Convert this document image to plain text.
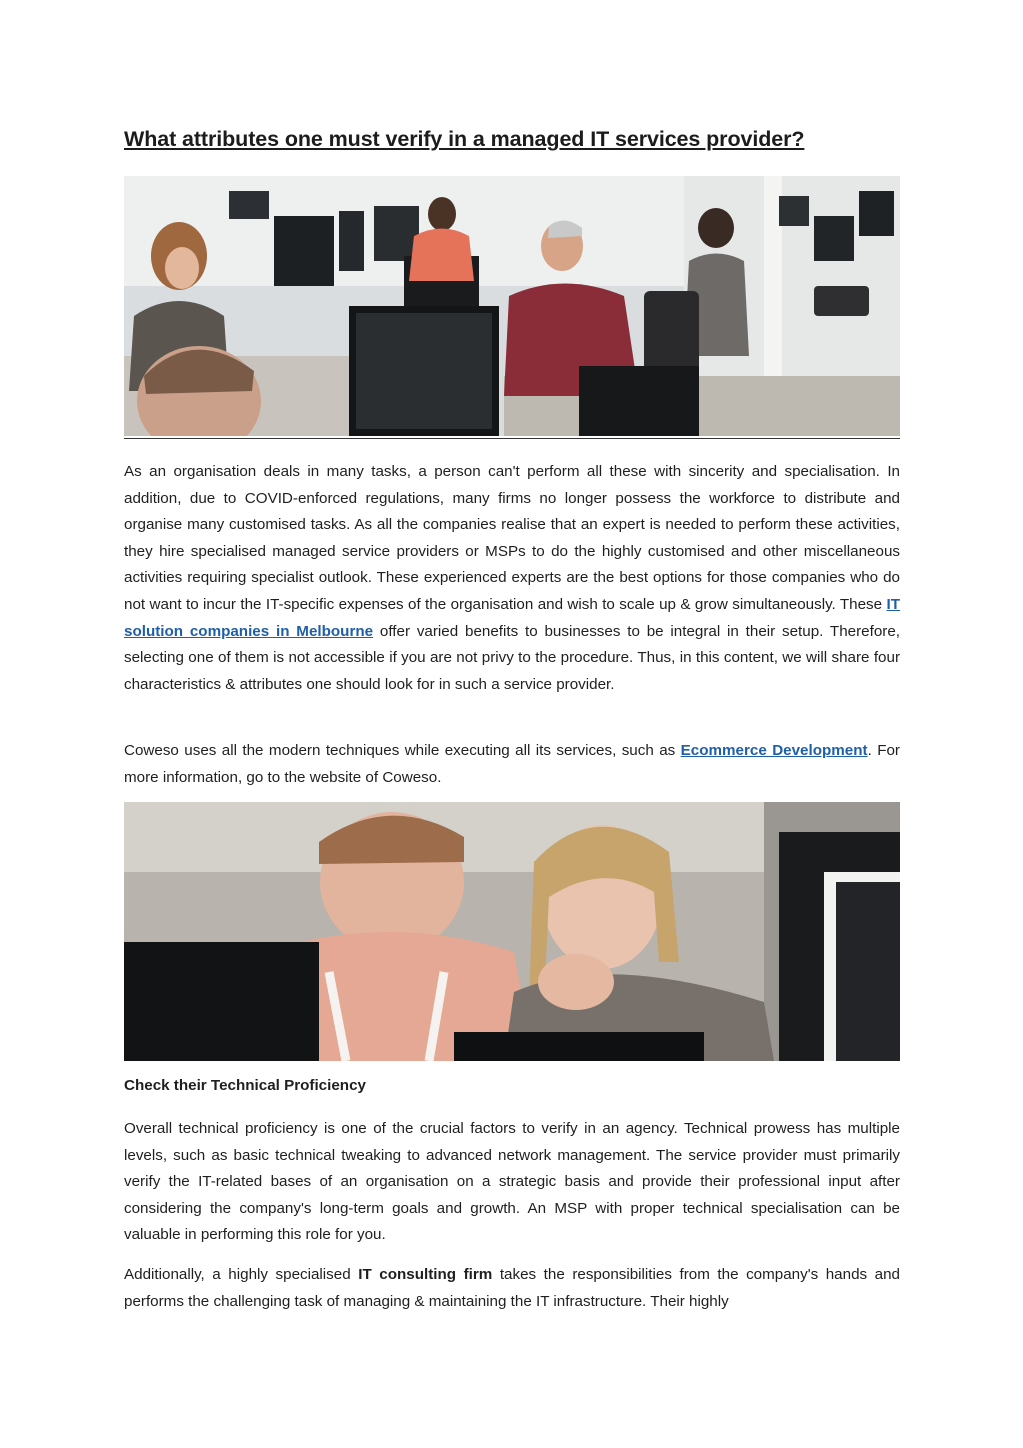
What attributes one must verify in a managed IT services provider?

As an organisation deals in many tasks, a person can't perform all these with sincerity and specialisation. In addition, due to COVID-enforced regulations, many firms no longer possess the workforce to distribute and organise many customised tasks. As all the companies realise that an expert is needed to perform these activities, they hire specialised managed service providers or MSPs to do the highly customised and other miscellaneous activities requiring specialist outlook. These experienced experts are the best options for those companies who do not want to incur the IT-specific expenses of the organisation and wish to scale up & grow simultaneously. These IT solution companies in Melbourne offer varied benefits to businesses to be integral in their setup. Therefore, selecting one of them is not accessible if you are not privy to the procedure. Thus, in this content, we will share four characteristics & attributes one should look for in such a service provider.

Coweso uses all the modern techniques while executing all its services, such as Ecommerce Development. For more information, go to the website of Coweso.

Check their Technical Proficiency

Overall technical proficiency is one of the crucial factors to verify in an agency. Technical prowess has multiple levels, such as basic technical tweaking to advanced network management. The service provider must primarily verify the IT-related bases of an organisation on a strategic basis and provide their professional input after considering the company's long-term goals and growth. An MSP with proper technical specialisation can be valuable in performing this role for you.

Additionally, a highly specialised IT consulting firm takes the responsibilities from the company's hands and performs the challenging task of managing & maintaining the IT infrastructure. Their highly
